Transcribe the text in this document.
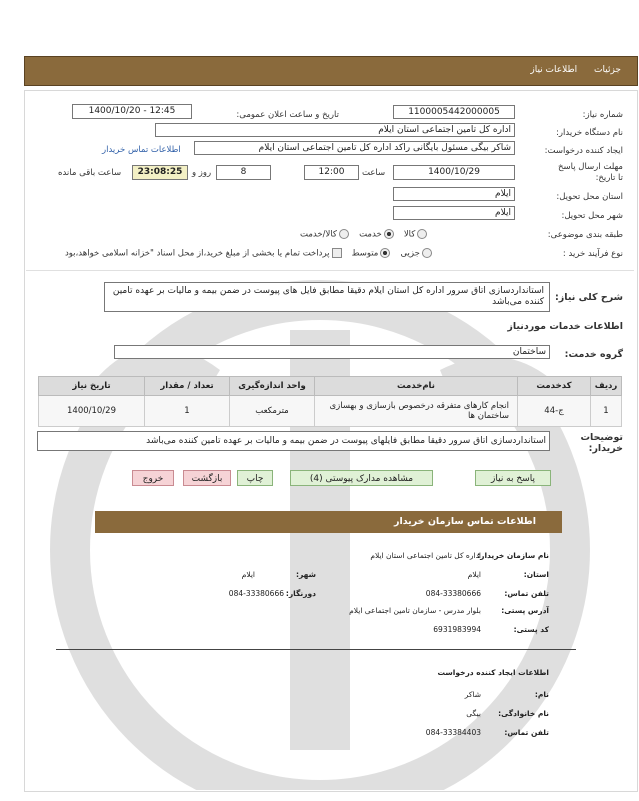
جزئیات اطلاعات نیاز
شماره نیاز:
1100005442000005
تاریخ و ساعت اعلان عمومی:
1400/10/20 - 12:45
نام دستگاه خریدار:
اداره کل تامین اجتماعی استان ایلام
ایجاد کننده درخواست:
شاکر بیگی مسئول بایگانی راکد اداره کل تامین اجتماعی استان ایلام
اطلاعات تماس خریدار
مهلت ارسال پاسخ تا تاریخ:
1400/10/29
ساعت
12:00
8
روز و
23:08:25
ساعت باقی مانده
استان محل تحویل:
ایلام
شهر محل تحویل:
ایلام
طبقه بندی موضوعی:
کالا   خدمت   کالا/خدمت
نوع فرآیند خرید :
جزیی   متوسط   پرداخت تمام یا بخشی از مبلغ خرید،از محل اسناد "خزانه اسلامی خواهد،بود
شرح کلی نیاز:
استانداردسازی اتاق سرور اداره کل استان ایلام دقیقا مطابق فایل های پیوست در ضمن بیمه و مالیات بر عهده تامین کننده می‌باشد
اطلاعات خدمات موردنیاز
گروه خدمت:
ساختمان
ردیف	کدخدمت	نام‌خدمت	واحد اندازه‌گیری	تعداد / مقدار	تاریخ نیاز
1	ج-44	انجام کارهای متفرقه درخصوص بازسازی و بهسازی ساختمان ها	مترمکعب	1	1400/10/29
توضیحات خریدار:
استانداردسازی اتاق سرور دقیقا مطابق فایلهای پیوست در ضمن بیمه و مالیات بر عهده تامین کننده می‌باشد
پاسخ به نیاز
مشاهده مدارک پیوستی (4)
چاپ
بازگشت
خروج
اطلاعات تماس سازمان خریدار
نام سازمان خریدار:
اداره کل تامین اجتماعی استان ایلام
استان:
ایلام
شهر:
ایلام
تلفن تماس:
084-33380666
دورنگار:
084-33380666
آدرس پستی:
بلوار مدرس - سازمان تامین اجتماعی ایلام
کد پستی:
6931983994
اطلاعات ایجاد کننده درخواست
نام:
شاکر
نام خانوادگی:
بیگی
تلفن تماس:
084-33384403
